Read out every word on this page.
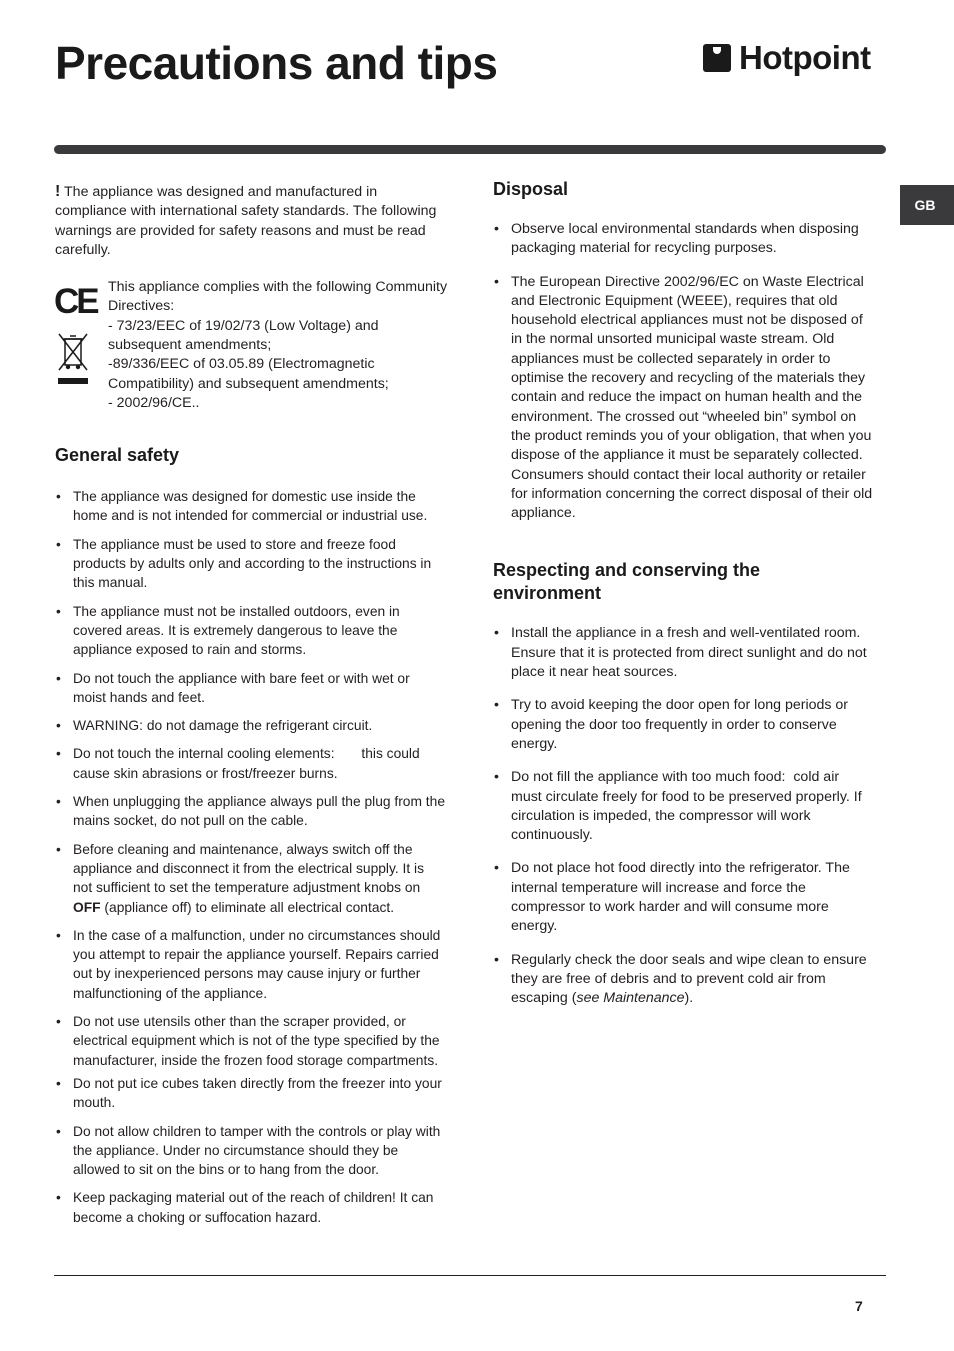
Precautions and tips	Hotpoint
GB

! The appliance was designed and manufactured in compliance with international safety standards. The following warnings are provided for safety reasons and must be read carefully.

CE This appliance complies with the following Community Directives:
- 73/23/EEC of 19/02/73 (Low Voltage) and subsequent amendments;
-89/336/EEC of 03.05.89 (Electromagnetic Compatibility) and subsequent amendments;
- 2002/96/CE..
General safety
• The appliance was designed for domestic use inside the home and is not intended for commercial or industrial use.
• The appliance must be used to store and freeze food products by adults only and according to the instructions in this manual.
• The appliance must not be installed outdoors, even in covered areas. It is extremely dangerous to leave the appliance exposed to rain and storms.
• Do not touch the appliance with bare feet or with wet or moist hands and feet.
• WARNING: do not damage the refrigerant circuit.
• Do not touch the internal cooling elements:       this could cause skin abrasions or frost/freezer burns.
• When unplugging the appliance always pull the plug from the mains socket, do not pull on the cable.
• Before cleaning and maintenance, always switch off the appliance and disconnect it from the electrical supply. It is not sufficient to set the temperature adjustment knobs on OFF (appliance off) to eliminate all electrical contact.
• In the case of a malfunction, under no circumstances should you attempt to repair the appliance yourself. Repairs carried out by inexperienced persons may cause injury or further malfunctioning of the appliance.
• Do not use utensils other than the scraper provided, or electrical equipment which is not of the type specified by the manufacturer, inside the frozen food storage compartments.
• Do not put ice cubes taken directly from the freezer into your mouth.
• Do not allow children to tamper with the controls or play with the appliance. Under no circumstance should they be allowed to sit on the bins or to hang from the door.
• Keep packaging material out of the reach of children! It can become a choking or suffocation hazard.
Disposal
• Observe local environmental standards when disposing packaging material for recycling purposes.
• The European Directive 2002/96/EC on Waste Electrical and Electronic Equipment (WEEE), requires that old household electrical appliances must not be disposed of in the normal unsorted municipal waste stream. Old appliances must be collected separately in order to optimise the recovery and recycling of the materials they contain and reduce the impact on human health and the environment. The crossed out “wheeled bin” symbol on the product reminds you of your obligation, that when you dispose of the appliance it must be separately collected.
Consumers should contact their local authority or retailer for information concerning the correct disposal of their old appliance.
Respecting and conserving the environment
• Install the appliance in a fresh and well-ventilated room. Ensure that it is protected from direct sunlight and do not place it near heat sources.
• Try to avoid keeping the door open for long periods or opening the door too frequently in order to conserve energy.
• Do not fill the appliance with too much food:  cold air must circulate freely for food to be preserved properly. If circulation is impeded, the compressor will work continuously.
• Do not place hot food directly into the refrigerator. The internal temperature will increase and force the compressor to work harder and will consume more energy.
• Regularly check the door seals and wipe clean to ensure they are free of debris and to prevent cold air from escaping (see Maintenance).
7
